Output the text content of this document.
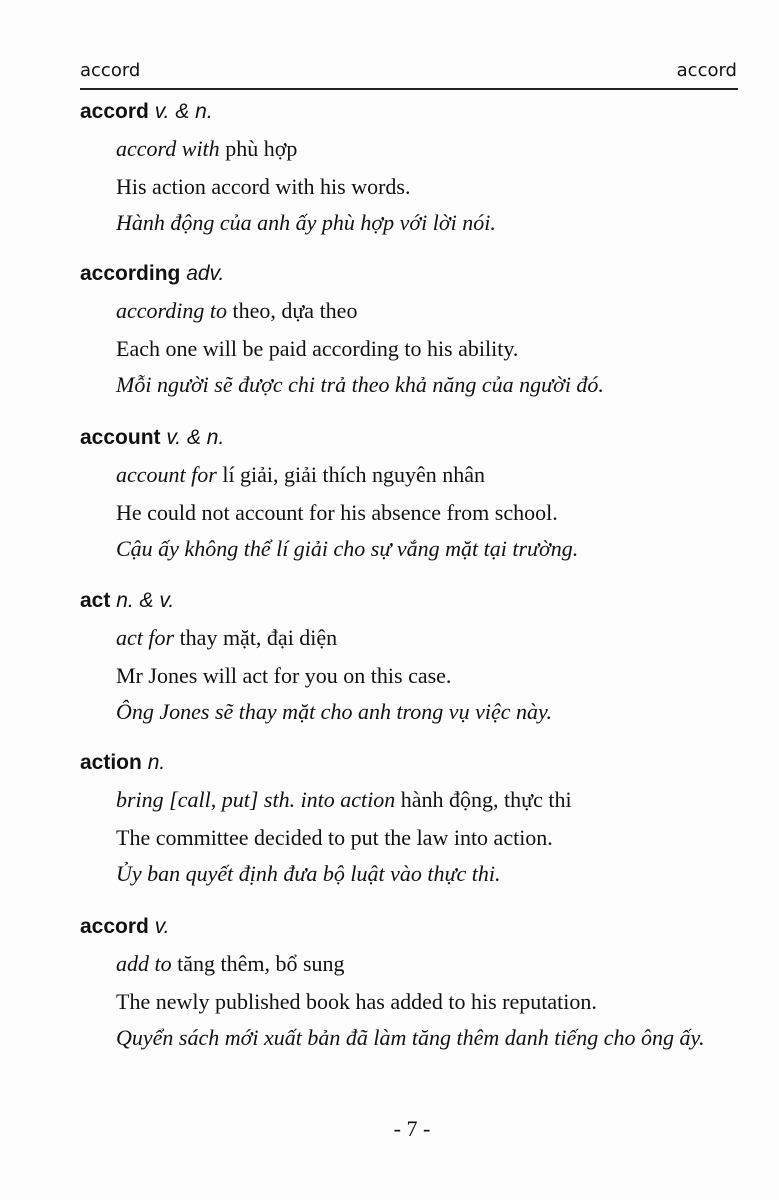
accord	accord
accord v. & n.
accord with phù hợp
His action accord with his words.
Hành động của anh ấy phù hợp với lời nói.
according adv.
according to theo, dựa theo
Each one will be paid according to his ability.
Mỗi người sẽ được chi trả theo khả năng của người đó.
account v. & n.
account for lí giải, giải thích nguyên nhân
He could not account for his absence from school.
Cậu ấy không thể lí giải cho sự vắng mặt tại trường.
act n. & v.
act for thay mặt, đại diện
Mr Jones will act for you on this case.
Ông Jones sẽ thay mặt cho anh trong vụ việc này.
action n.
bring [call, put] sth. into action hành động, thực thi
The committee decided to put the law into action.
Ủy ban quyết định đưa bộ luật vào thực thi.
accord v.
add to tăng thêm, bổ sung
The newly published book has added to his reputation.
Quyển sách mới xuất bản đã làm tăng thêm danh tiếng cho ông ấy.
- 7 -
